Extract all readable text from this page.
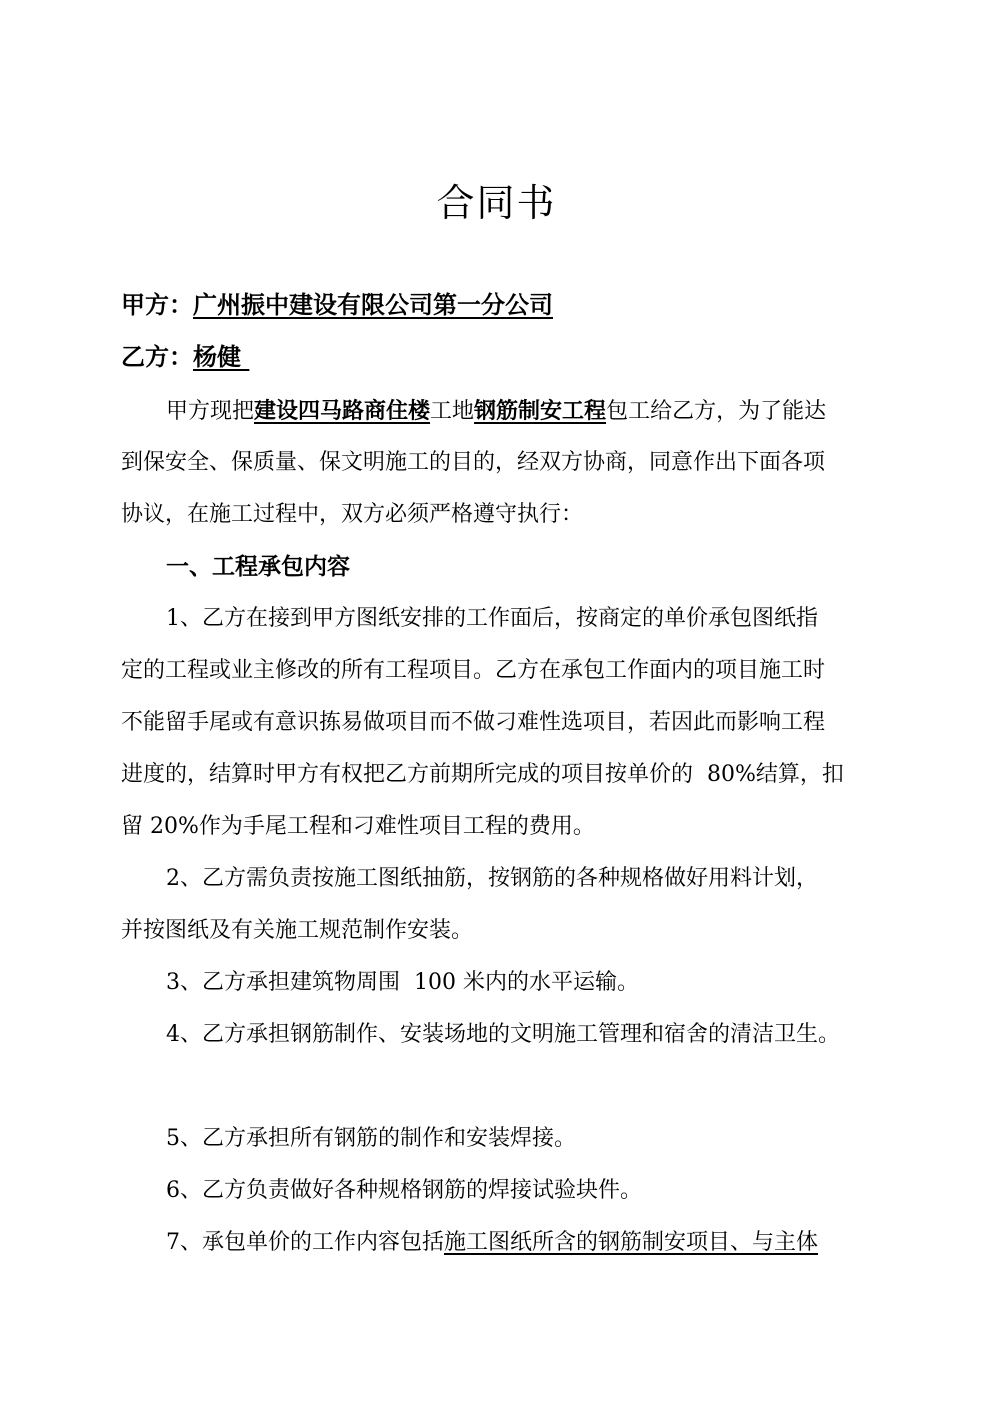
合同书
甲方：广州振中建设有限公司第一分公司
乙方：杨健
甲方现把建设四马路商住楼工地钢筋制安工程包工给乙方，为了能达
到保安全、保质量、保文明施工的目的，经双方协商，同意作出下面各项
协议，在施工过程中，双方必须严格遵守执行：
一、工程承包内容
1、乙方在接到甲方图纸安排的工作面后，按商定的单价承包图纸指
定的工程或业主修改的所有工程项目。乙方在承包工作面内的项目施工时
不能留手尾或有意识拣易做项目而不做刁难性选项目，若因此而影响工程
进度的，结算时甲方有权把乙方前期所完成的项目按单价的  80%结算，扣
留 20%作为手尾工程和刁难性项目工程的费用。
2、乙方需负责按施工图纸抽筋，按钢筋的各种规格做好用料计划，
并按图纸及有关施工规范制作安装。
3、乙方承担建筑物周围  100 米内的水平运输。
4、乙方承担钢筋制作、安装场地的文明施工管理和宿舍的清洁卫生。
5、乙方承担所有钢筋的制作和安装焊接。
6、乙方负责做好各种规格钢筋的焊接试验块件。
7、承包单价的工作内容包括施工图纸所含的钢筋制安项目、与主体
